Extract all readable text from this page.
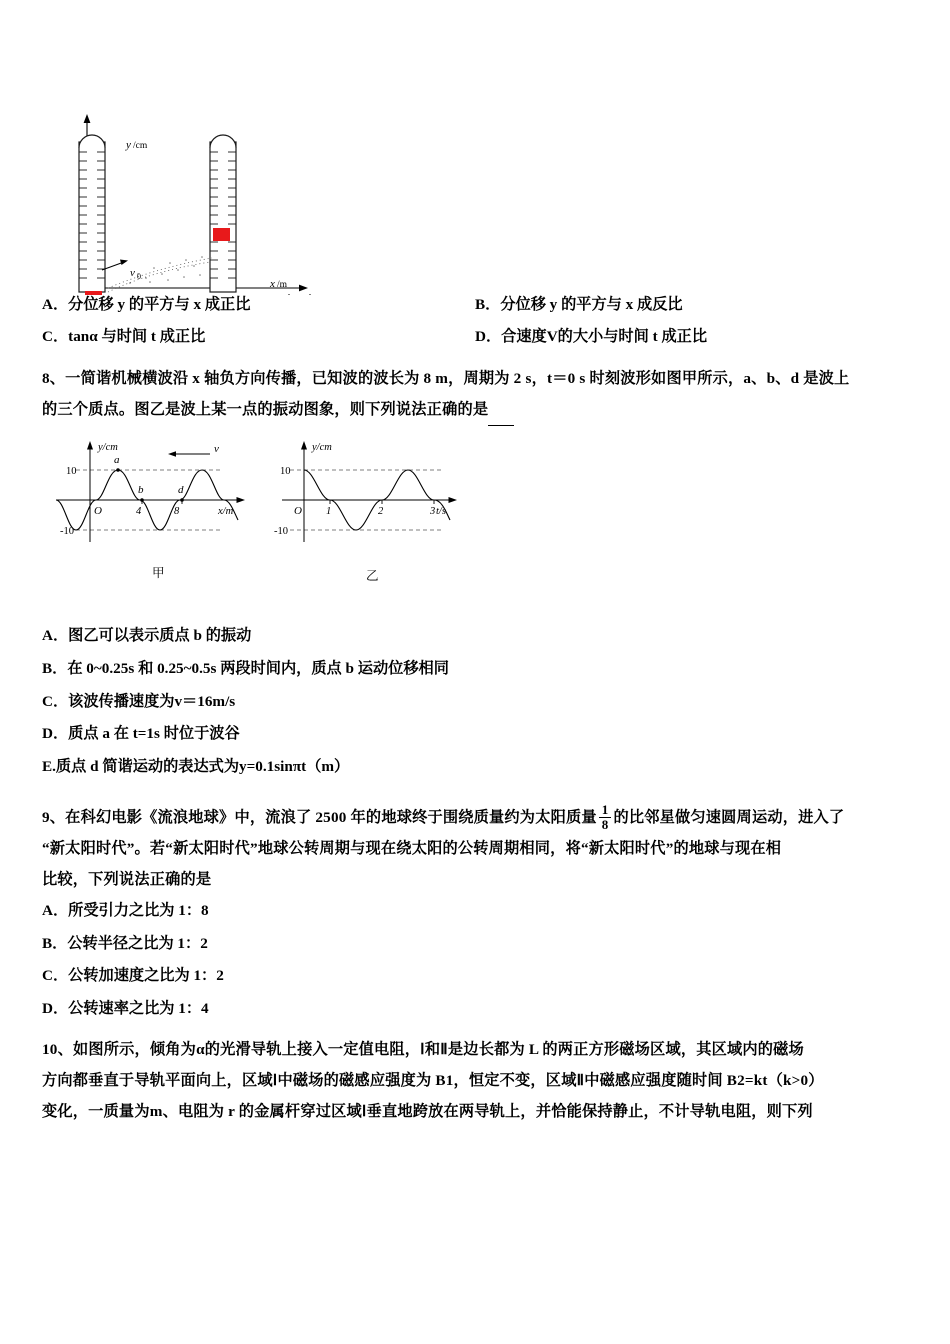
y /cm
x /m
v 0
A．分位移 y 的平方与 x 成正比	B．分位移 y 的平方与 x 成反比
C．tanα 与时间 t 成正比	D．合速度V的大小与时间 t 成正比
8、一简谐机械横波沿 x 轴负方向传播，已知波的波长为 8 m，周期为 2 s，t＝0 s 时刻波形如图甲所示，a、b、d 是波上
的三个质点。图乙是波上某一点的振动图象，则下列说法正确的是
v
a
b	d
10
-10
O	4	8
y/cm
x/m
甲
10
-10
O 1	2	3
y/cm
t/s
乙
A．图乙可以表示质点 b 的振动
B．在 0~0.25s 和 0.25~0.5s 两段时间内，质点 b 运动位移相同
C．该波传播速度为v＝16m/s
D．质点 a 在 t=1s 时位于波谷
E.质点 d 简谐运动的表达式为y=0.1sinπt（m）
9、在科幻电影《流浪地球》中，流浪了 2500 年的地球终于围绕质量约为太阳质量 $\frac{1}{8}$ 的比邻星做匀速圆周运动，进入了
“新太阳时代”。若“新太阳时代”地球公转周期与现在绕太阳的公转周期相同，将“新太阳时代”的地球与现在相
比较，下列说法正确的是
A．所受引力之比为 1：8
B．公转半径之比为 1：2
C．公转加速度之比为 1：2
D．公转速率之比为 1：4
10、如图所示，倾角为α的光滑导轨上接入一定值电阻，Ⅰ和Ⅱ是边长都为 L 的两正方形磁场区域，其区域内的磁场
方向都垂直于导轨平面向上，区域Ⅰ中磁场的磁感应强度为 B1，恒定不变，区域Ⅱ中磁感应强度随时间 B2=kt（k>0）
变化，一质量为m、电阻为 r 的金属杆穿过区域Ⅰ垂直地跨放在两导轨上，并恰能保持静止，不计导轨电阻，则下列
